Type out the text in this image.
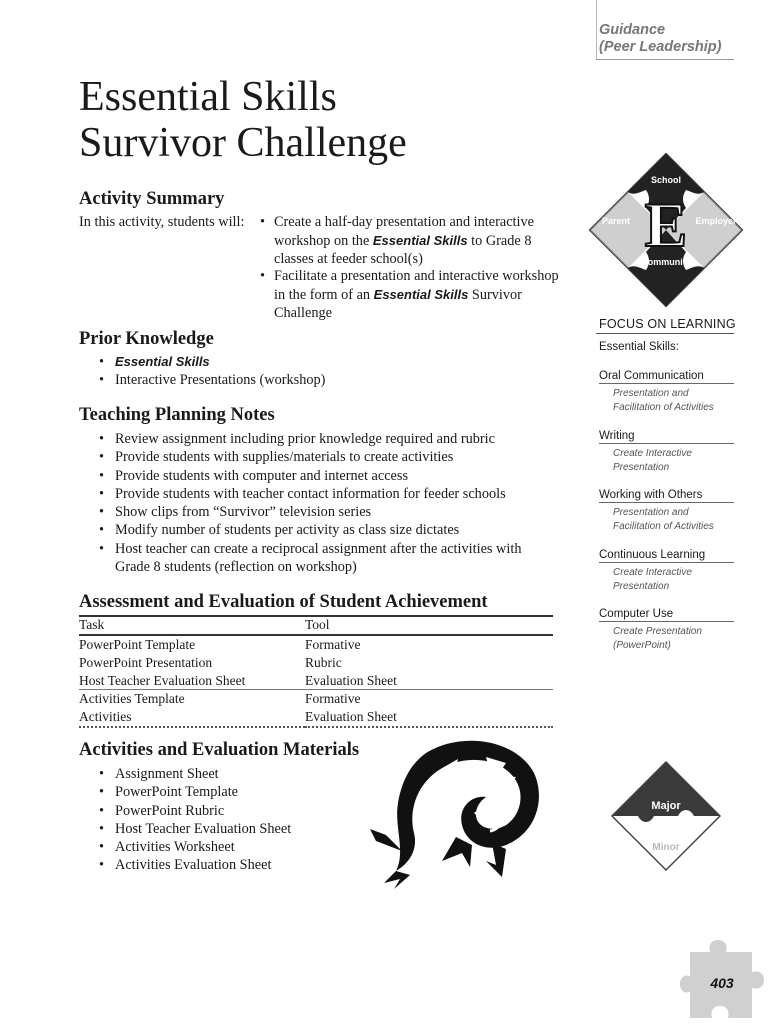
Guidance
(Peer Leadership)
Essential Skills
Survivor Challenge
Activity Summary
In this activity, students will: • Create a half-day presentation and interactive workshop on the Essential Skills to Grade 8 classes at feeder school(s)
• Facilitate a presentation and interactive workshop in the form of an Essential Skills Survivor Challenge
Prior Knowledge
• Essential Skills
• Interactive Presentations (workshop)
Teaching Planning Notes
• Review assignment including prior knowledge required and rubric
• Provide students with supplies/materials to create activities
• Provide students with computer and internet access
• Provide students with teacher contact information for feeder schools
• Show clips from “Survivor” television series
• Modify number of students per activity as class size dictates
• Host teacher can create a reciprocal assignment after the activities with Grade 8 students (reflection on workshop)
Assessment and Evaluation of Student Achievement
Task	Tool
PowerPoint Template	Formative
PowerPoint Presentation	Rubric
Host Teacher Evaluation Sheet	Evaluation Sheet
Activities Template	Formative
Activities	Evaluation Sheet
Activities and Evaluation Materials
• Assignment Sheet
• PowerPoint Template
• PowerPoint Rubric
• Host Teacher Evaluation Sheet
• Activities Worksheet
• Activities Evaluation Sheet
E
School
Parent	Employer
Community
FOCUS ON LEARNING
Essential Skills:
Oral Communication
Presentation and Facilitation of Activities
Writing
Create Interactive Presentation
Working with Others
Presentation and Facilitation of Activities
Continuous Learning
Create Interactive Presentation
Computer Use
Create Presentation (PowerPoint)
Major
Minor
403
